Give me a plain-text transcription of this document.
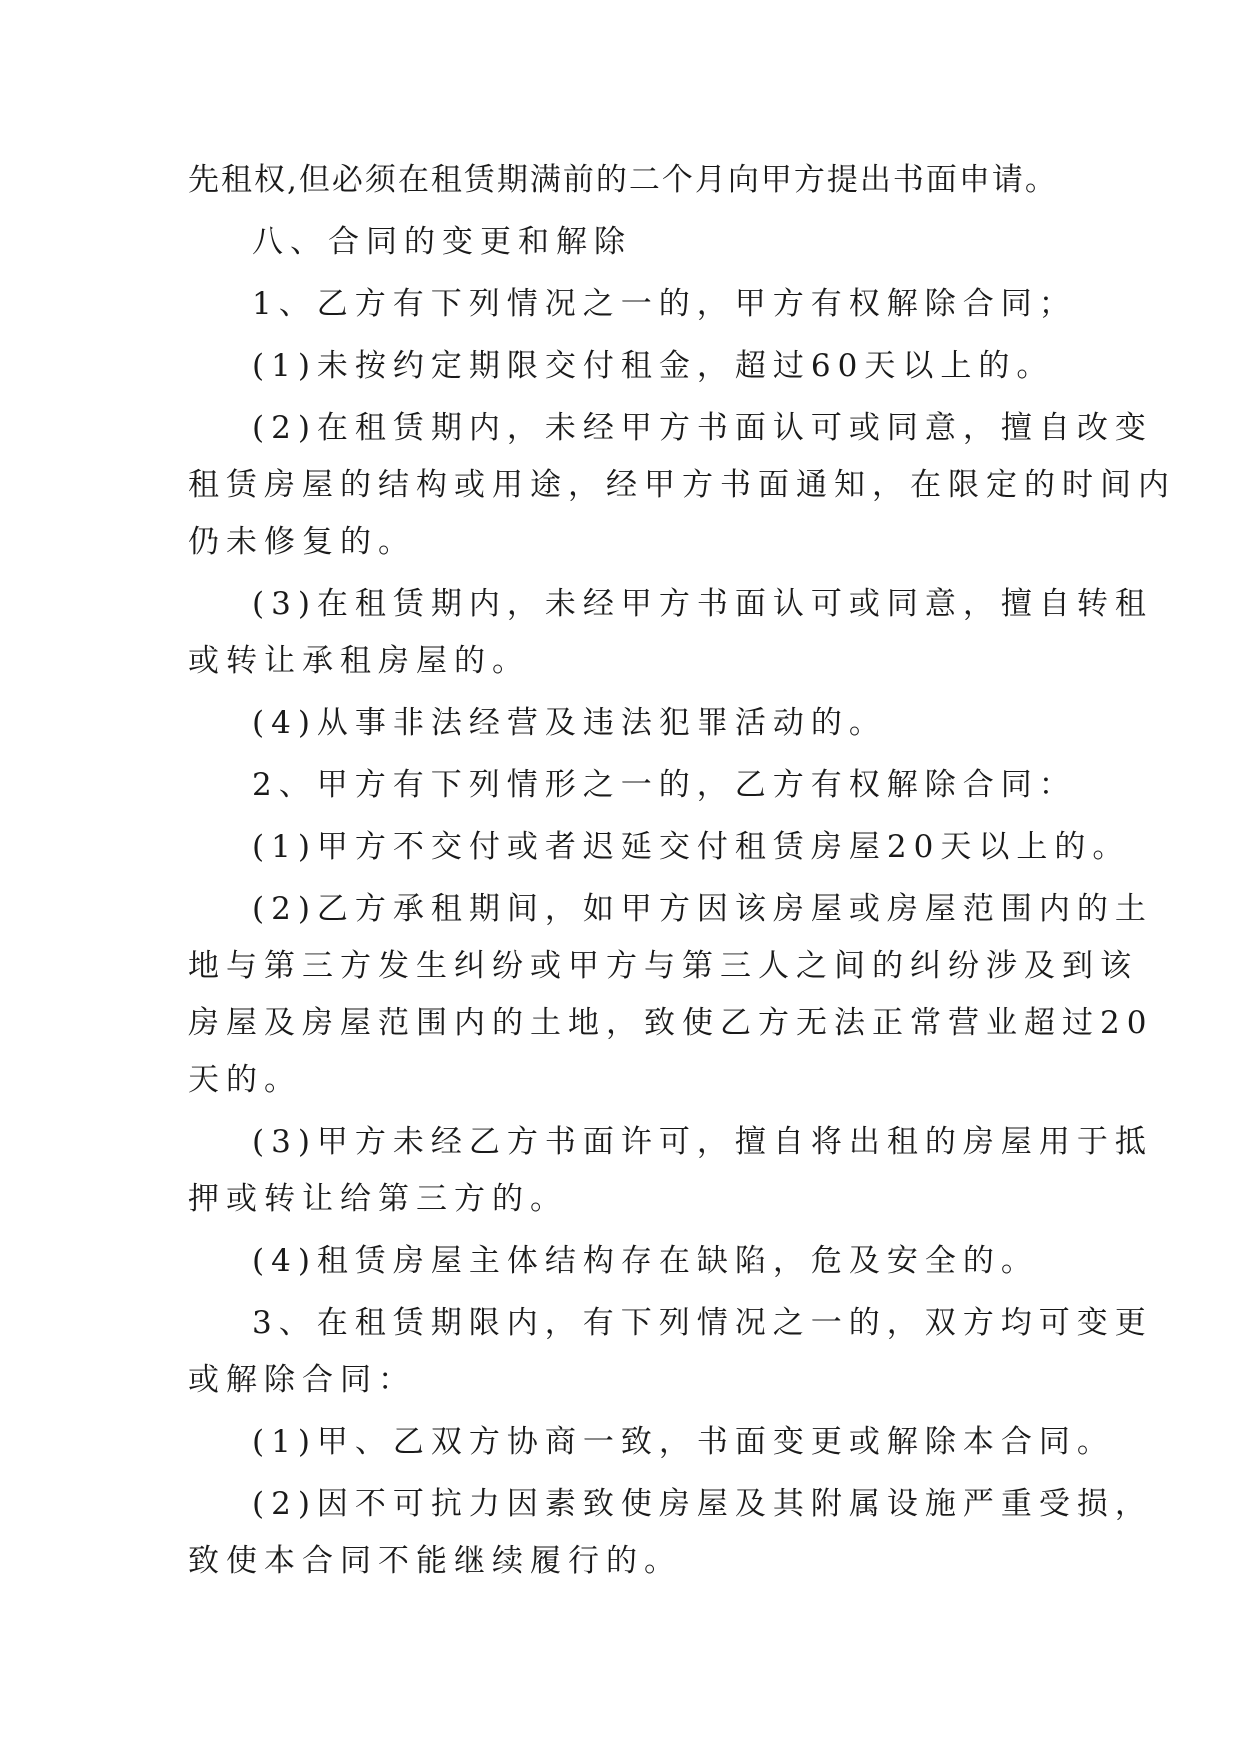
先租权,但必须在租赁期满前的二个月向甲方提出书面申请。
八、合同的变更和解除
1、乙方有下列情况之一的，甲方有权解除合同；
(1)未按约定期限交付租金，超过60天以上的。
(2)在租赁期内，未经甲方书面认可或同意，擅自改变
租赁房屋的结构或用途，经甲方书面通知，在限定的时间内
仍未修复的。
(3)在租赁期内，未经甲方书面认可或同意，擅自转租
或转让承租房屋的。
(4)从事非法经营及违法犯罪活动的。
2、甲方有下列情形之一的，乙方有权解除合同：
(1)甲方不交付或者迟延交付租赁房屋20天以上的。
(2)乙方承租期间，如甲方因该房屋或房屋范围内的土
地与第三方发生纠纷或甲方与第三人之间的纠纷涉及到该
房屋及房屋范围内的土地，致使乙方无法正常营业超过20
天的。
(3)甲方未经乙方书面许可，擅自将出租的房屋用于抵
押或转让给第三方的。
(4)租赁房屋主体结构存在缺陷，危及安全的。
3、在租赁期限内，有下列情况之一的，双方均可变更
或解除合同：
(1)甲、乙双方协商一致，书面变更或解除本合同。
(2)因不可抗力因素致使房屋及其附属设施严重受损，
致使本合同不能继续履行的。
